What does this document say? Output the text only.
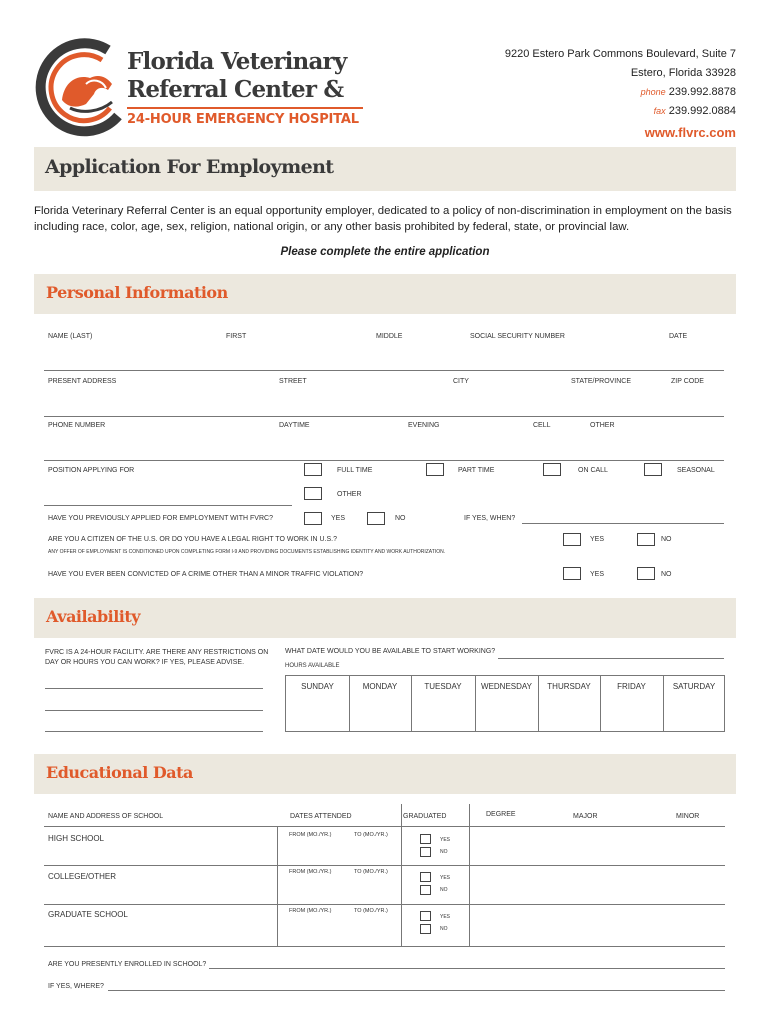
Florida Veterinary
Referral Center &
24-HOUR EMERGENCY HOSPITAL
9220 Estero Park Commons Boulevard, Suite 7
Estero, Florida 33928
phone 239.992.8878
fax 239.992.0884
www.flvrc.com
Application For Employment
Florida Veterinary Referral Center is an equal opportunity employer, dedicated to a policy of non-discrimination in employment on the basis including race, color, age, sex, religion, national origin, or any other basis prohibited by federal, state, or provincial law.
Please complete the entire application
Personal Information
NAME (LAST)	FIRST	MIDDLE	SOCIAL SECURITY NUMBER	DATE
PRESENT ADDRESS	STREET	CITY	STATE/PROVINCE	ZIP CODE
PHONE NUMBER	DAYTIME	EVENING	CELL	OTHER
POSITION APPLYING FOR	FULL TIME	PART TIME	ON CALL	SEASONAL
OTHER
HAVE YOU PREVIOUSLY APPLIED FOR EMPLOYMENT WITH FVRC?	YES	NO	IF YES, WHEN?
ARE YOU A CITIZEN OF THE U.S. OR DO YOU HAVE A LEGAL RIGHT TO WORK IN U.S.?	YES	NO
ANY OFFER OF EMPLOYMENT IS CONDITIONED UPON COMPLETING FORM I-9 AND PROVIDING DOCUMENTS ESTABLISHING IDENTITY AND WORK AUTHORIZATION.
HAVE YOU EVER BEEN CONVICTED OF A CRIME OTHER THAN A MINOR TRAFFIC VIOLATION?	YES	NO
Availability
FVRC IS A 24-HOUR FACILITY. ARE THERE ANY RESTRICTIONS ON DAY OR HOURS YOU CAN WORK? IF YES, PLEASE ADVISE.
WHAT DATE WOULD YOU BE AVAILABLE TO START WORKING?
HOURS AVAILABLE
SUNDAY	MONDAY	TUESDAY	WEDNESDAY	THURSDAY	FRIDAY	SATURDAY
Educational Data
NAME AND ADDRESS OF SCHOOL	DATES ATTENDED	GRADUATED	DEGREE	MAJOR	MINOR
HIGH SCHOOL	FROM (MO./YR.)	TO (MO./YR.)
YES
NO
COLLEGE/OTHER	FROM (MO./YR.)	TO (MO./YR.)
YES
NO
GRADUATE SCHOOL	FROM (MO./YR.)	TO (MO./YR.)
YES
NO
ARE YOU PRESENTLY ENROLLED IN SCHOOL?
IF YES, WHERE?
